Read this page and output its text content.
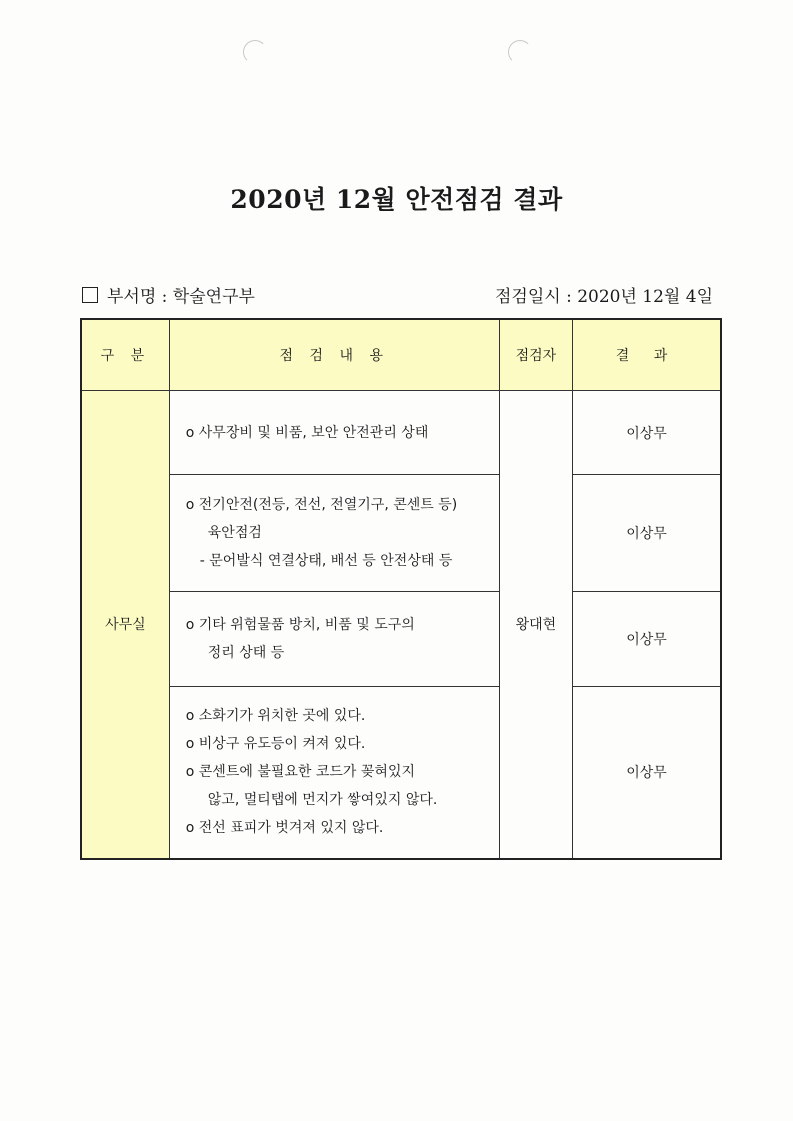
2020년 12월 안전점검 결과
부서명 : 학술연구부	점검일시 : 2020년 12월 4일
구 분	점 검 내 용	점검자	결 과
사무실	o 사무장비 및 비품, 보안 안전관리 상태	왕대현	이상무

	o 전기안전(전등, 전선, 전열기구, 콘센트 등)
육안점검
- 문어발식 연결상태, 배선 등 안전상태 등		이상무

	o 기타 위험물품 방치, 비품 및 도구의
정리 상태 등		이상무

	o 소화기가 위치한 곳에 있다.
o 비상구 유도등이 켜져 있다.
o 콘센트에 불필요한 코드가 꽂혀있지
않고, 멀티탭에 먼지가 쌓여있지 않다.
o 전선 표피가 벗겨져 있지 않다.		이상무
